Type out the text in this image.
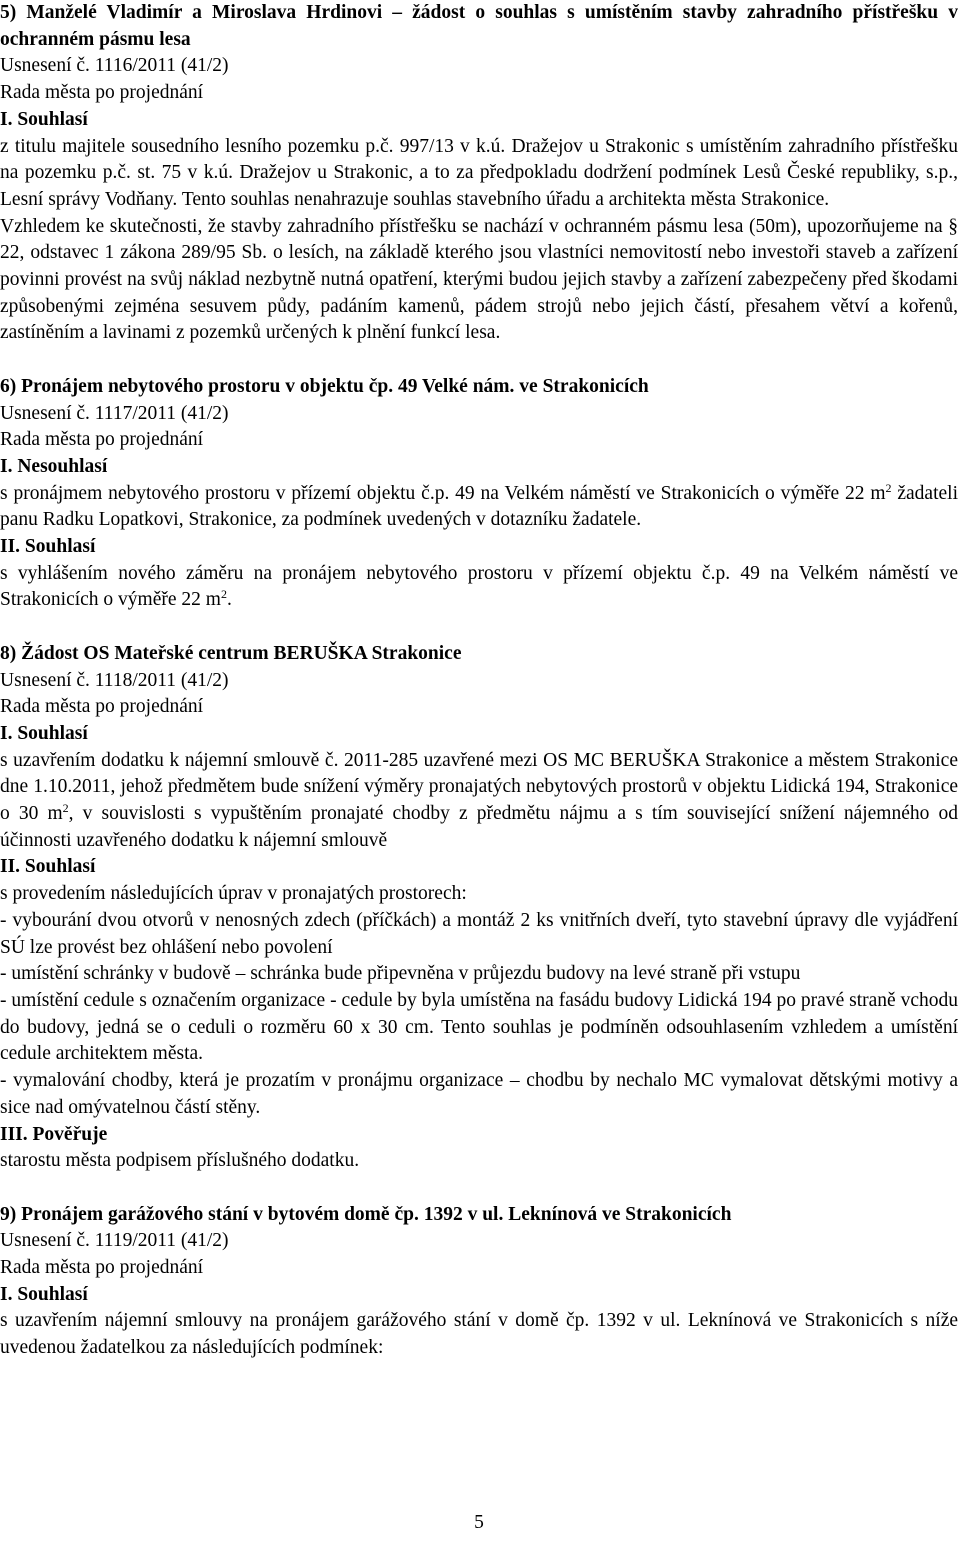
5) Manželé Vladimír a Miroslava Hrdinovi – žádost o souhlas s umístěním stavby zahradního přístřešku v ochranném pásmu lesa

Usnesení č. 1116/2011 (41/2)

Rada města po projednání

I. Souhlasí

z titulu majitele sousedního lesního pozemku p.č. 997/13 v k.ú. Dražejov u Strakonic s umístěním zahradního přístřešku na pozemku p.č. st. 75 v k.ú. Dražejov u Strakonic, a to za předpokladu dodržení podmínek Lesů České republiky, s.p., Lesní správy Vodňany. Tento souhlas nenahrazuje souhlas stavebního úřadu a architekta města Strakonice.

Vzhledem ke skutečnosti, že stavby zahradního přístřešku se nachází v ochranném pásmu lesa (50m), upozorňujeme na § 22, odstavec 1 zákona 289/95 Sb. o lesích, na základě kterého jsou vlastníci nemovitostí nebo investoři staveb a zařízení povinni provést na svůj náklad nezbytně nutná opatření, kterými budou jejich stavby a zařízení zabezpečeny před škodami způsobenými zejména sesuvem půdy, padáním kamenů, pádem strojů nebo jejich částí, přesahem větví a kořenů, zastíněním a lavinami z pozemků určených k plnění funkcí lesa.

6) Pronájem nebytového prostoru v objektu čp. 49 Velké nám. ve Strakonicích

Usnesení č. 1117/2011 (41/2)

Rada města po projednání

I. Nesouhlasí

s pronájmem nebytového prostoru v přízemí objektu č.p. 49 na Velkém náměstí ve Strakonicích o výměře 22 $m^2$ žadateli panu Radku Lopatkovi, Strakonice, za podmínek uvedených v dotazníku žadatele.

II. Souhlasí

s vyhlášením nového záměru na pronájem nebytového prostoru v přízemí objektu č.p. 49 na Velkém náměstí ve Strakonicích o výměře 22 $m^2$.

8) Žádost OS Mateřské centrum BERUŠKA Strakonice

Usnesení č. 1118/2011 (41/2)

Rada města po projednání

I. Souhlasí

s uzavřením dodatku k nájemní smlouvě č. 2011-285 uzavřené mezi OS MC BERUŠKA Strakonice a městem Strakonice dne 1.10.2011, jehož předmětem bude snížení výměry pronajatých nebytových prostorů v objektu Lidická 194, Strakonice o 30 $m^2$, v souvislosti s vypuštěním pronajaté chodby z předmětu nájmu a s tím související snížení nájemného od účinnosti uzavřeného dodatku k nájemní smlouvě

II. Souhlasí

s provedením následujících úprav v pronajatých prostorech:

- vybourání dvou otvorů v nenosných zdech (příčkách) a montáž 2 ks vnitřních dveří, tyto stavební úpravy dle vyjádření SÚ lze provést bez ohlášení nebo povolení

- umístění schránky v budově – schránka bude připevněna v průjezdu budovy na levé straně při vstupu

- umístění cedule s označením organizace - cedule by byla umístěna na fasádu budovy Lidická 194 po pravé straně vchodu do budovy, jedná se o ceduli o rozměru 60 x 30 cm. Tento souhlas je podmíněn odsouhlasením vzhledem a umístění cedule architektem města.

- vymalování chodby, která je prozatím v pronájmu organizace – chodbu by nechalo MC vymalovat dětskými motivy a sice nad omývatelnou částí stěny.

III. Pověřuje

starostu města podpisem příslušného dodatku.

9) Pronájem garážového stání v bytovém domě čp. 1392 v ul. Leknínová ve Strakonicích

Usnesení č. 1119/2011 (41/2)

Rada města po projednání

I. Souhlasí

s uzavřením nájemní smlouvy na pronájem garážového stání v domě čp. 1392 v ul. Leknínová ve Strakonicích s níže uvedenou žadatelkou za následujících podmínek:

5
